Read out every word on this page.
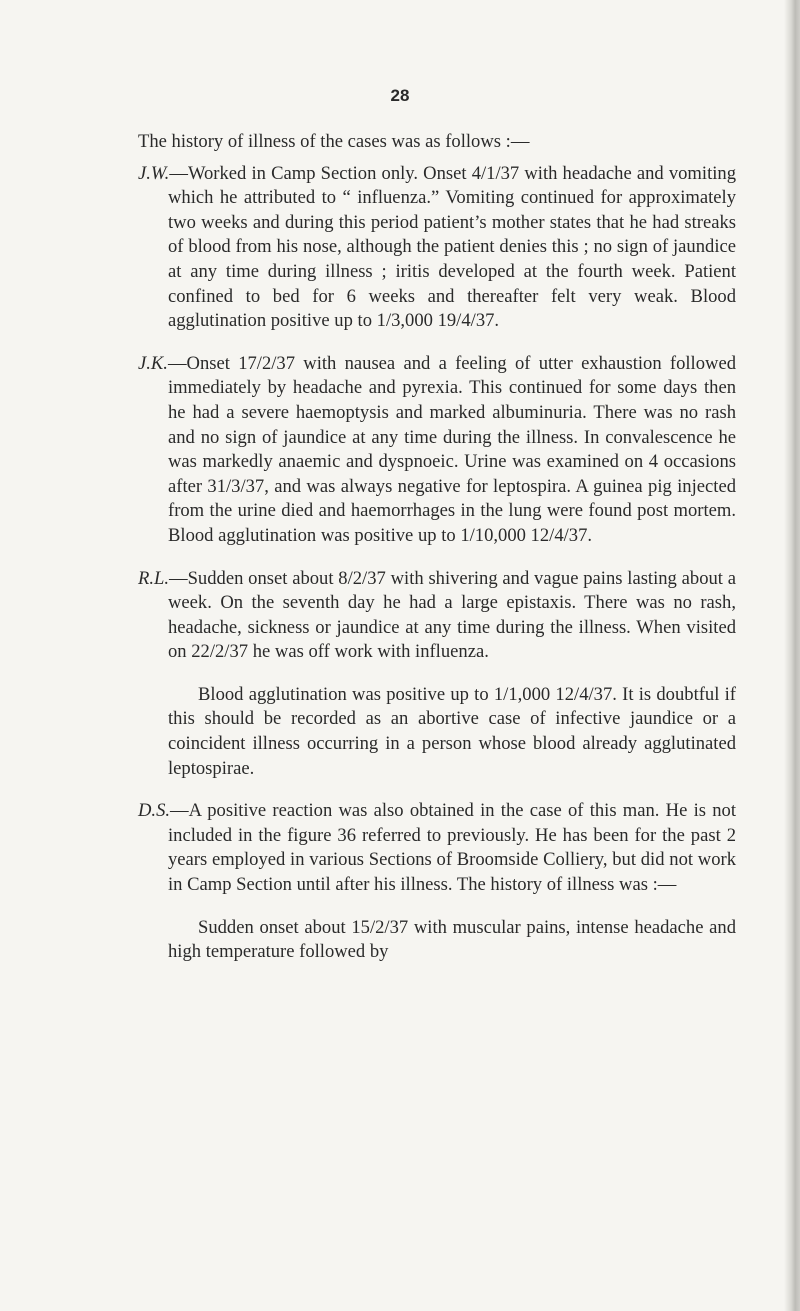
28

The history of illness of the cases was as follows :—

J.W.—Worked in Camp Section only. Onset 4/1/37 with headache and vomiting which he attributed to “ influenza.” Vomiting continued for approximately two weeks and during this period patient’s mother states that he had streaks of blood from his nose, although the patient denies this ; no sign of jaundice at any time during illness ; iritis developed at the fourth week. Patient confined to bed for 6 weeks and thereafter felt very weak. Blood agglutination positive up to 1/3,000 19/4/37.
J.K.—Onset 17/2/37 with nausea and a feeling of utter exhaustion followed immediately by headache and pyrexia. This continued for some days then he had a severe haemoptysis and marked albuminuria. There was no rash and no sign of jaundice at any time during the illness. In convalescence he was markedly anaemic and dyspnoeic. Urine was examined on 4 occasions after 31/3/37, and was always negative for leptospira. A guinea pig injected from the urine died and haemorrhages in the lung were found post mortem. Blood agglutination was positive up to 1/10,000 12/4/37.
R.L.—Sudden onset about 8/2/37 with shivering and vague pains lasting about a week. On the seventh day he had a large epistaxis. There was no rash, headache, sickness or jaundice at any time during the illness. When visited on 22/2/37 he was off work with influenza.
Blood agglutination was positive up to 1/1,000 12/4/37. It is doubtful if this should be recorded as an abortive case of infective jaundice or a coincident illness occurring in a person whose blood already agglutinated leptospirae.
D.S.—A positive reaction was also obtained in the case of this man. He is not included in the figure 36 referred to previously. He has been for the past 2 years employed in various Sections of Broomside Colliery, but did not work in Camp Section until after his illness. The history of illness was :—
Sudden onset about 15/2/37 with muscular pains, intense headache and high temperature followed by
